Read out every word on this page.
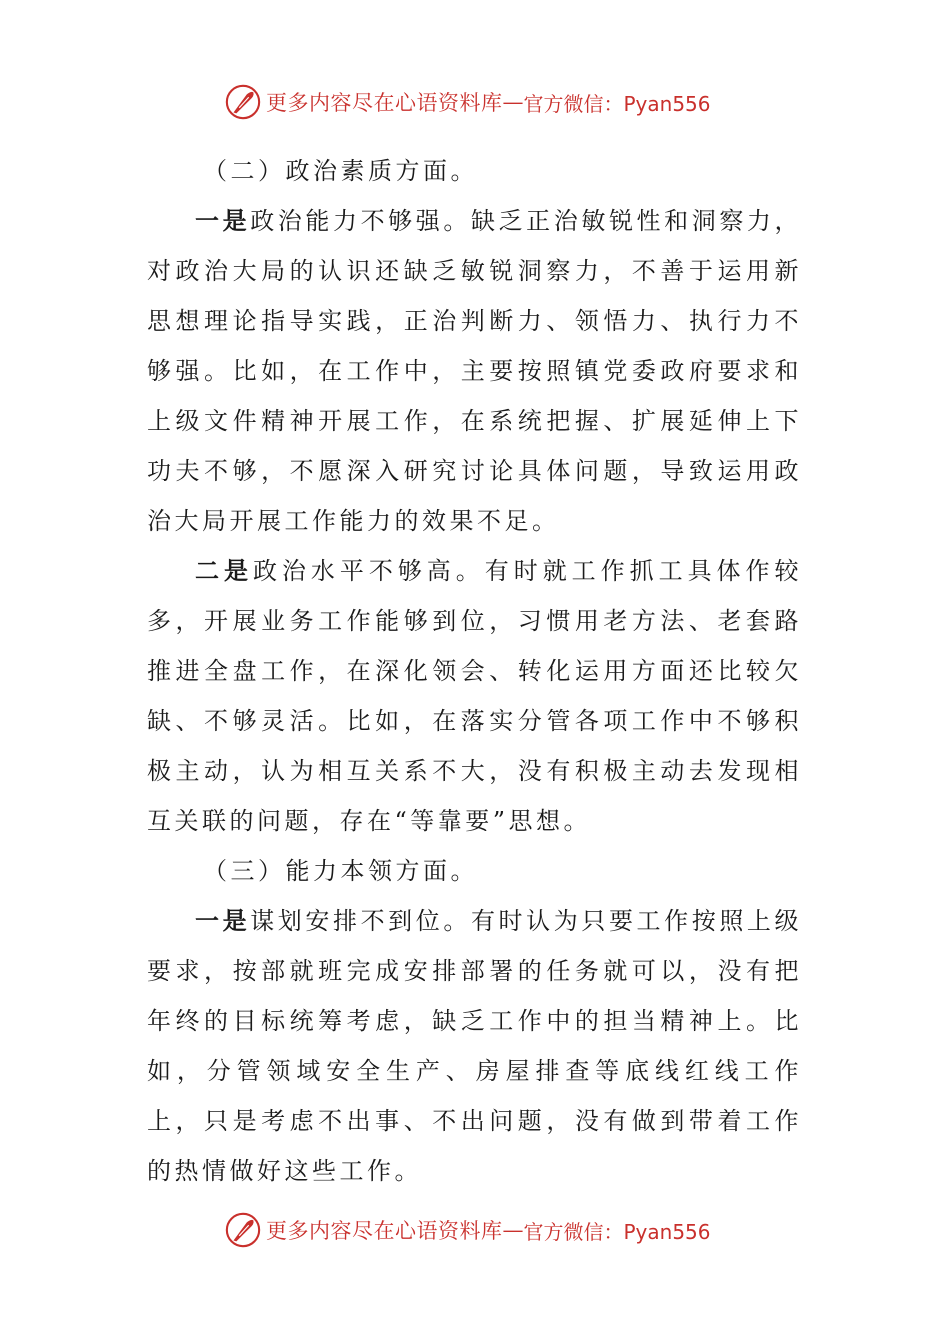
更多内容尽在心语资料库 — 官方微信：Pyan556

（二）政治素质方面。

一是政治能力不够强。缺乏正治敏锐性和洞察力，对政治大局的认识还缺乏敏锐洞察力，不善于运用新思想理论指导实践，正治判断力、领悟力、执行力不够强。比如，在工作中，主要按照镇党委政府要求和上级文件精神开展工作，在系统把握、扩展延伸上下功夫不够，不愿深入研究讨论具体问题，导致运用政治大局开展工作能力的效果不足。

二是政治水平不够高。有时就工作抓工具体作较多，开展业务工作能够到位，习惯用老方法、老套路推进全盘工作，在深化领会、转化运用方面还比较欠缺、不够灵活。比如，在落实分管各项工作中不够积极主动，认为相互关系不大，没有积极主动去发现相互关联的问题，存在“等靠要”思想。

（三）能力本领方面。

一是谋划安排不到位。有时认为只要工作按照上级要求，按部就班完成安排部署的任务就可以，没有把年终的目标统筹考虑，缺乏工作中的担当精神上。比如，分管领域安全生产、房屋排查等底线红线工作上，只是考虑不出事、不出问题，没有做到带着工作的热情做好这些工作。

更多内容尽在心语资料库 — 官方微信：Pyan556
